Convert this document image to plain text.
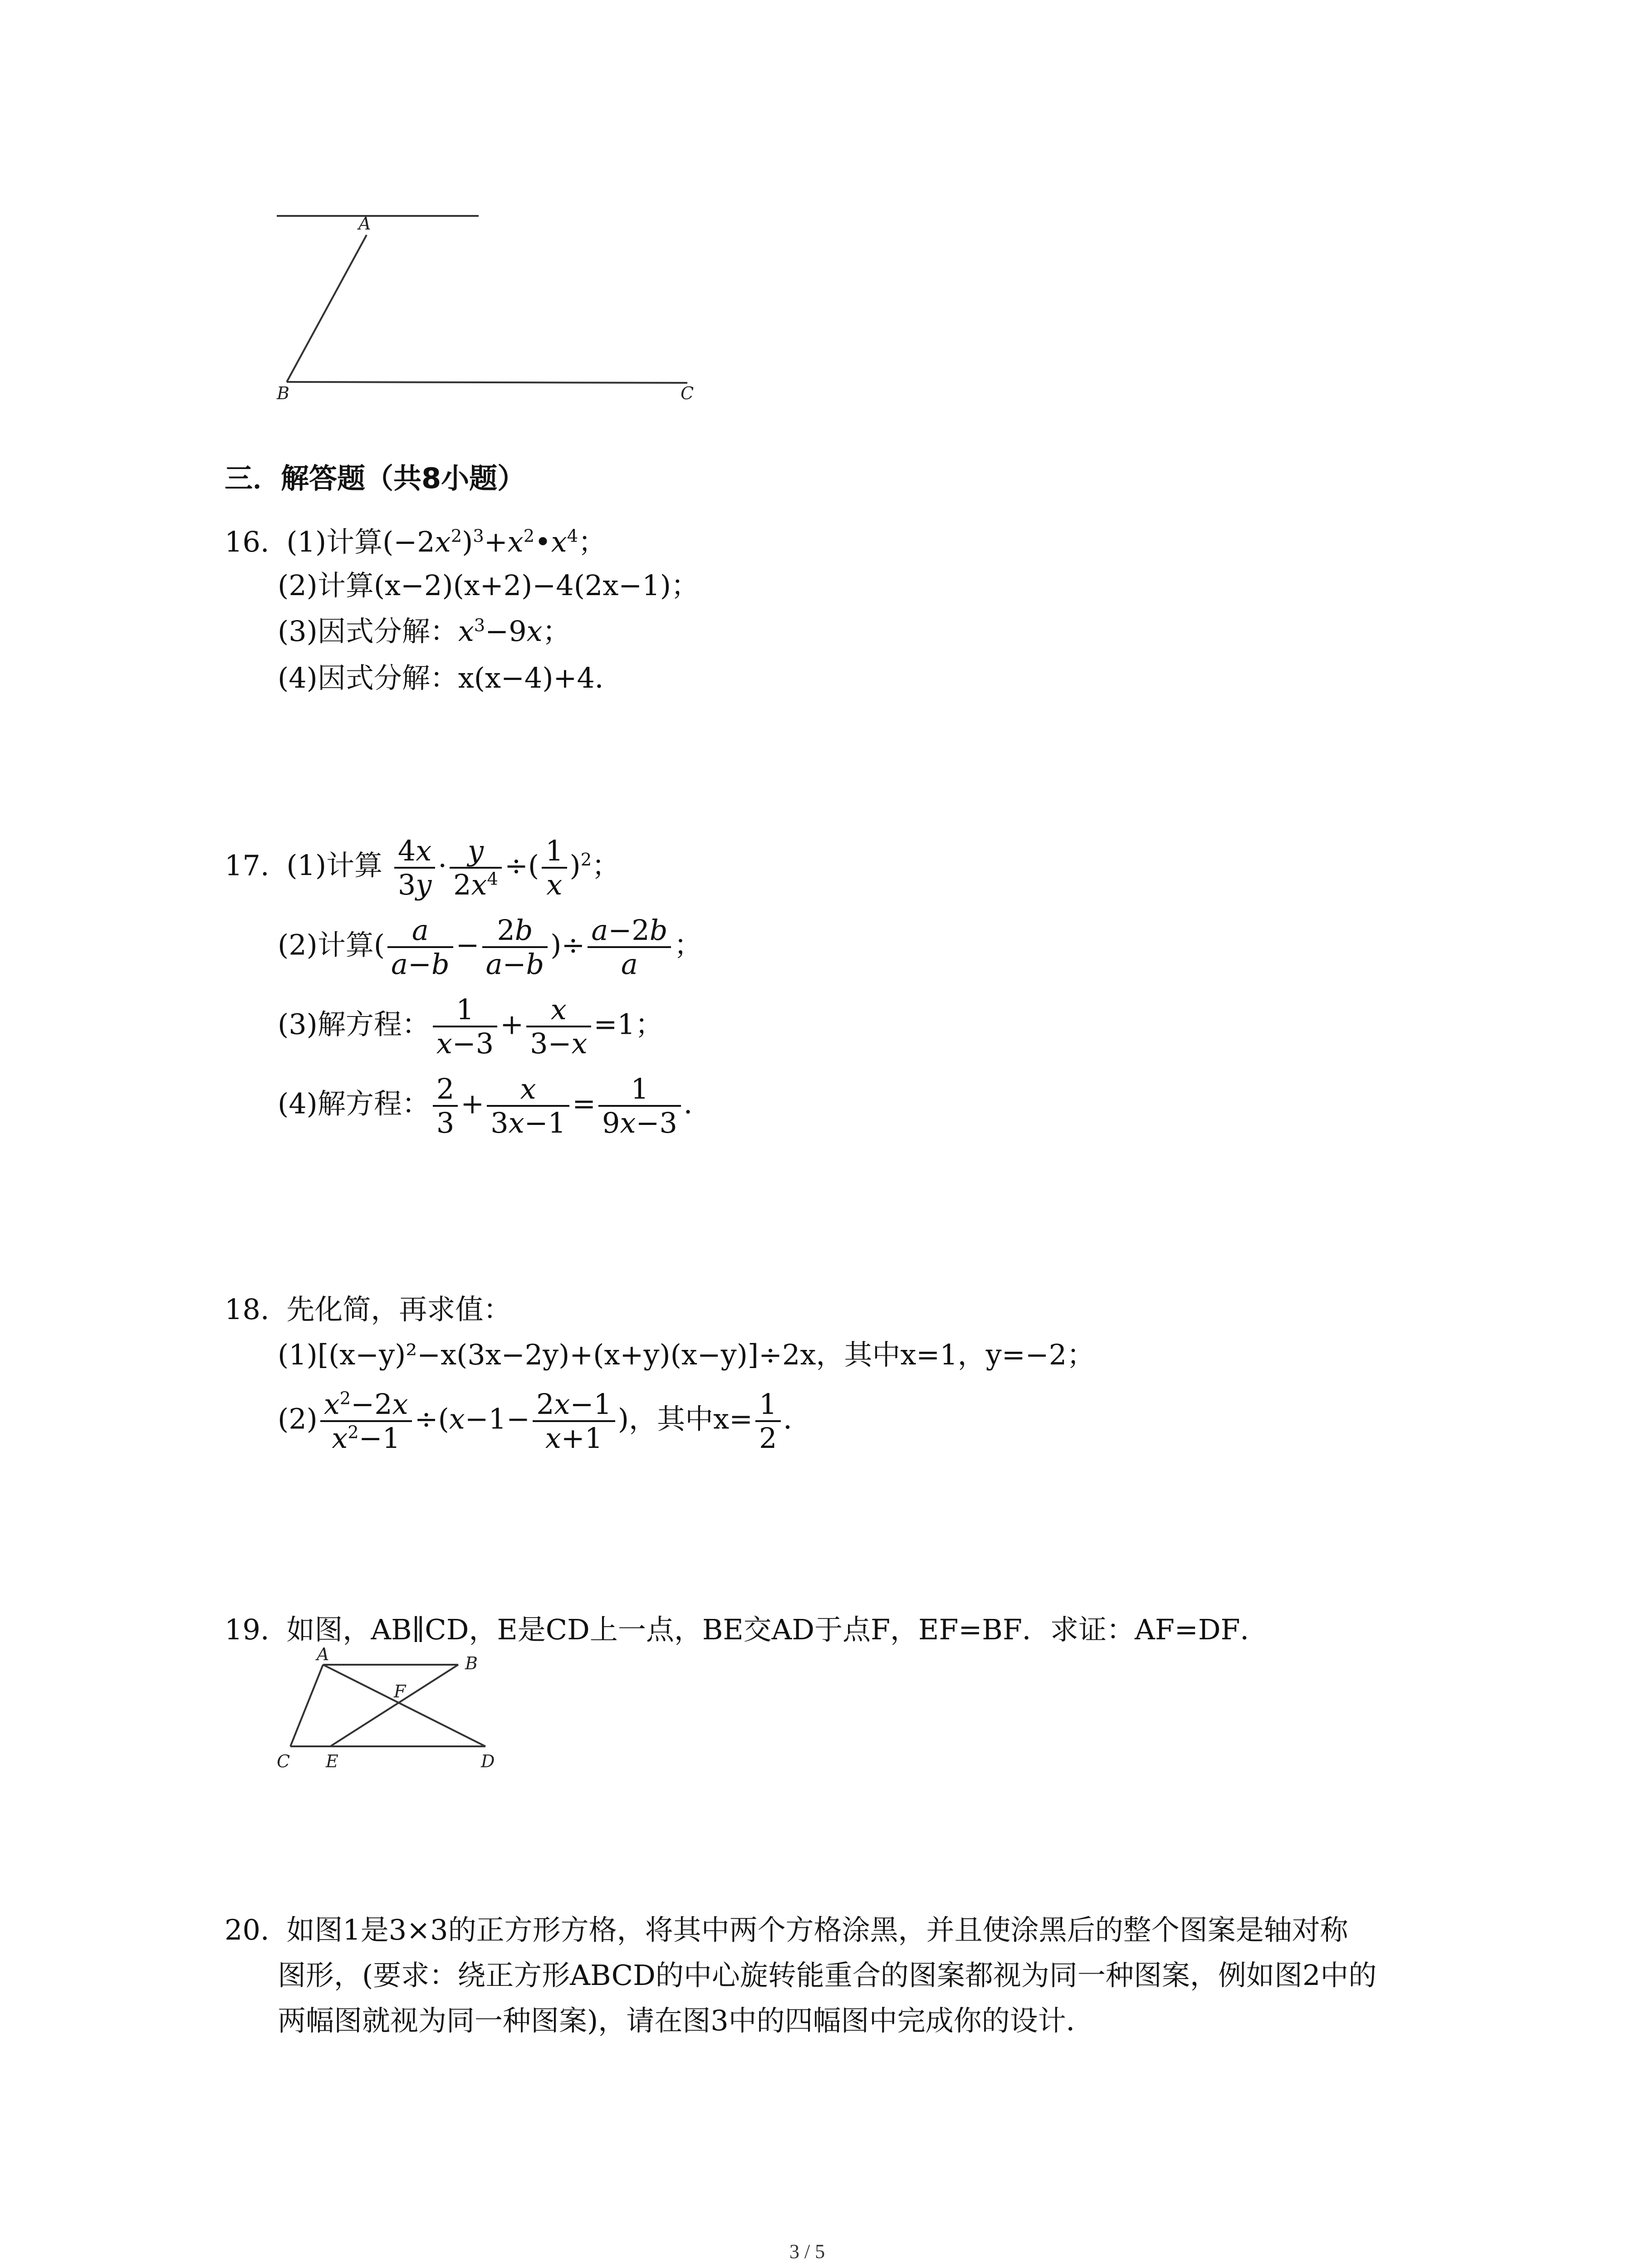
A
B	C
三．解答题（共8小题）
16. (1)计算$(-2x^2)^3+x^2•x^4$；
(2)计算(x−2)(x+2)−4(2x−1)；
(3)因式分解：$x^3-9x$；
(4)因式分解：x(x−4)+4．
17. (1)计算 $\frac{4x}{3y} \cdot \frac{y}{2x^4}$ ÷( $\frac{1}{x} )^2$；
(2)计算( $\frac{a}{a-b} - \frac{2b}{a-b}$ )÷ $\frac{a-2b}{a}$ ；
(3)解方程： $\frac{1}{x-3} + \frac{x}{3-x} =1$；
(4)解方程： $\frac{2}{3} + \frac{x}{3x-1} = \frac{1}{9x-3}$ ．
18. 先化简，再求值：
(1)[(x−y)²−x(3x−2y)+(x+y)(x−y)]÷2x，其中x=1，y=−2；
$(2) \frac{x^2-2x}{x^2-1} \div(x-1- \frac{2x-1}{x+1}$ )，其中$x= \frac{1}{2}$ ．
19. 如图，AB∥CD，E是CD上一点，BE交AD于点F，EF=BF．求证：AF=DF．
A	B
F
C E	D
20. 如图1是3×3的正方形方格，将其中两个方格涂黑，并且使涂黑后的整个图案是轴对称
图形，(要求：绕正方形ABCD的中心旋转能重合的图案都视为同一种图案，例如图2中的
两幅图就视为同一种图案)，请在图3中的四幅图中完成你的设计．
3 / 5
